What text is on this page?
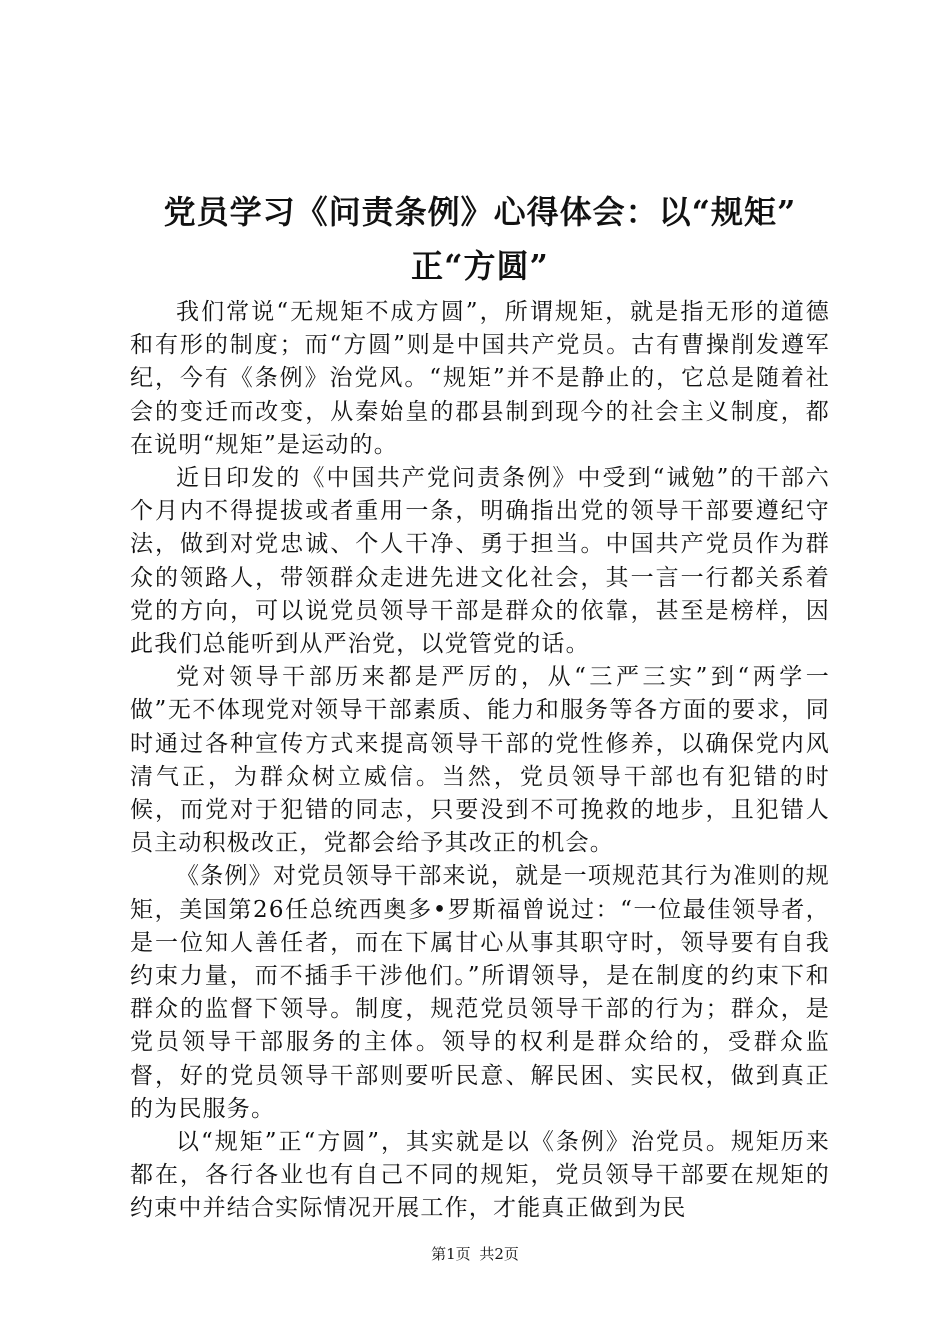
党员学习《问责条例》心得体会：以“规矩”
正“方圆”

我们常说“无规矩不成方圆”，所谓规矩，就是指无形的道德和有形的制度；而“方圆”则是中国共产党员。古有曹操削发遵军纪，今有《条例》治党风。“规矩”并不是静止的，它总是随着社会的变迁而改变，从秦始皇的郡县制到现今的社会主义制度，都在说明“规矩”是运动的。

近日印发的《中国共产党问责条例》中受到“诫勉”的干部六个月内不得提拔或者重用一条，明确指出党的领导干部要遵纪守法，做到对党忠诚、个人干净、勇于担当。中国共产党员作为群众的领路人，带领群众走进先进文化社会，其一言一行都关系着党的方向，可以说党员领导干部是群众的依靠，甚至是榜样，因此我们总能听到从严治党，以党管党的话。

党对领导干部历来都是严厉的，从“三严三实”到“两学一做”无不体现党对领导干部素质、能力和服务等各方面的要求，同时通过各种宣传方式来提高领导干部的党性修养，以确保党内风清气正，为群众树立威信。当然，党员领导干部也有犯错的时候，而党对于犯错的同志，只要没到不可挽救的地步，且犯错人员主动积极改正，党都会给予其改正的机会。

《条例》对党员领导干部来说，就是一项规范其行为准则的规矩，美国第26任总统西奥多•罗斯福曾说过：“一位最佳领导者，是一位知人善任者，而在下属甘心从事其职守时，领导要有自我约束力量，而不插手干涉他们。”所谓领导，是在制度的约束下和群众的监督下领导。制度，规范党员领导干部的行为；群众，是党员领导干部服务的主体。领导的权利是群众给的，受群众监督，好的党员领导干部则要听民意、解民困、实民权，做到真正的为民服务。

以“规矩”正“方圆”，其实就是以《条例》治党员。规矩历来都在，各行各业也有自己不同的规矩，党员领导干部要在规矩的约束中并结合实际情况开展工作，才能真正做到为民

第1页 共2页
